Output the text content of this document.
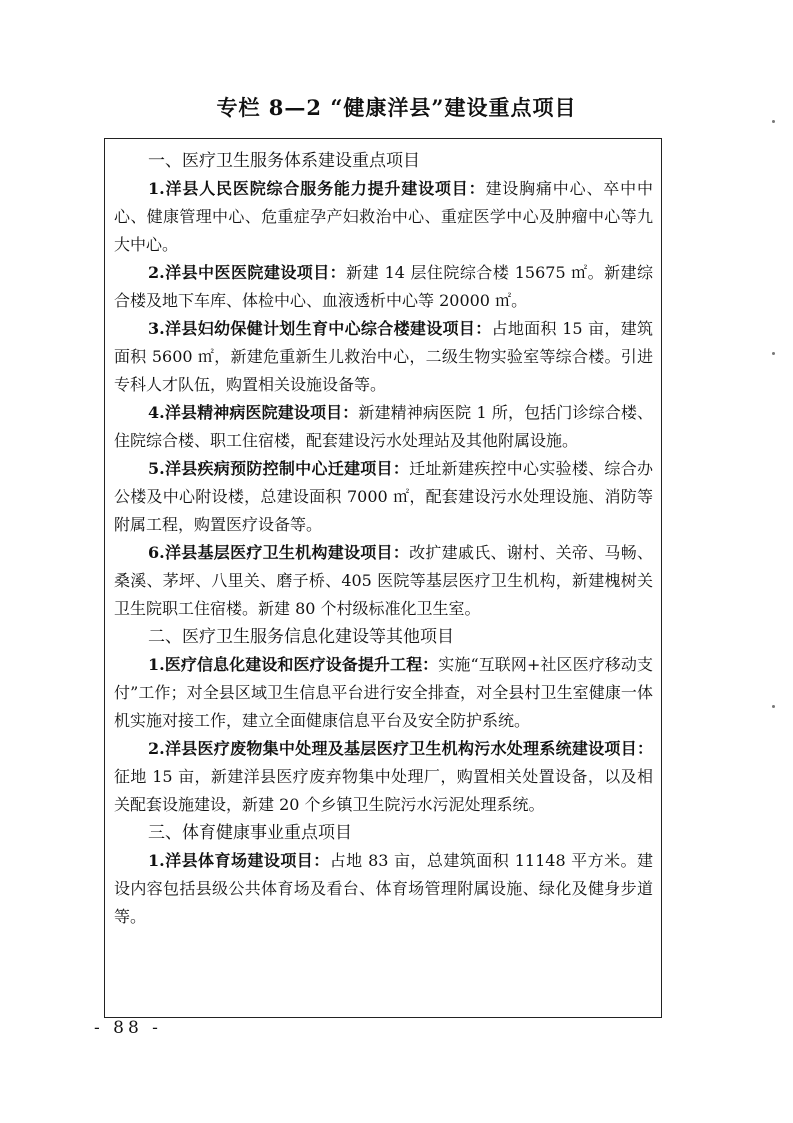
专栏 8—2 “健康洋县”建设重点项目

一、医疗卫生服务体系建设重点项目

1.洋县人民医院综合服务能力提升建设项目：建设胸痛中心、卒中中心、健康管理中心、危重症孕产妇救治中心、重症医学中心及肿瘤中心等九大中心。

2.洋县中医医院建设项目：新建 14 层住院综合楼 15675 ㎡。新建综合楼及地下车库、体检中心、血液透析中心等 20000 ㎡。

3.洋县妇幼保健计划生育中心综合楼建设项目：占地面积 15 亩，建筑面积 5600 ㎡，新建危重新生儿救治中心，二级生物实验室等综合楼。引进专科人才队伍，购置相关设施设备等。

4.洋县精神病医院建设项目：新建精神病医院 1 所，包括门诊综合楼、住院综合楼、职工住宿楼，配套建设污水处理站及其他附属设施。

5.洋县疾病预防控制中心迁建项目：迁址新建疾控中心实验楼、综合办公楼及中心附设楼，总建设面积 7000 ㎡，配套建设污水处理设施、消防等附属工程，购置医疗设备等。

6.洋县基层医疗卫生机构建设项目：改扩建戚氏、谢村、关帝、马畅、桑溪、茅坪、八里关、磨子桥、405 医院等基层医疗卫生机构，新建槐树关卫生院职工住宿楼。新建 80 个村级标准化卫生室。

二、医疗卫生服务信息化建设等其他项目

1.医疗信息化建设和医疗设备提升工程：实施“互联网+社区医疗移动支付”工作；对全县区域卫生信息平台进行安全排查，对全县村卫生室健康一体机实施对接工作，建立全面健康信息平台及安全防护系统。

2.洋县医疗废物集中处理及基层医疗卫生机构污水处理系统建设项目：征地 15 亩，新建洋县医疗废弃物集中处理厂，购置相关处置设备，以及相关配套设施建设，新建 20 个乡镇卫生院污水污泥处理系统。

三、体育健康事业重点项目

1.洋县体育场建设项目：占地 83 亩，总建筑面积 11148 平方米。建设内容包括县级公共体育场及看台、体育场管理附属设施、绿化及健身步道等。

- 88 -
